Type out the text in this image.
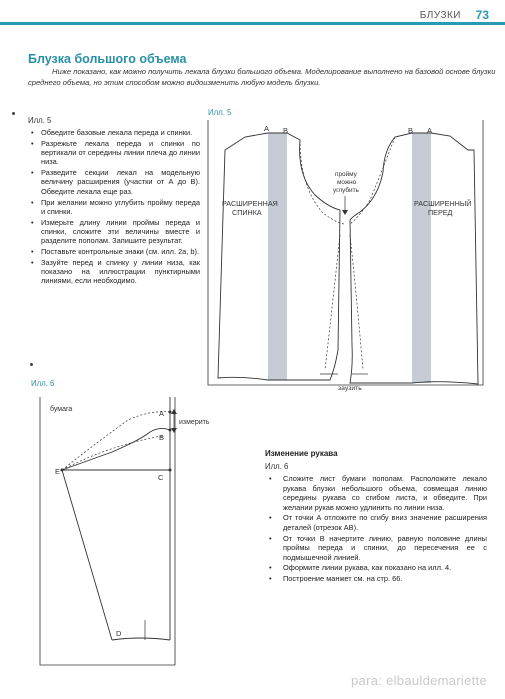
БЛУЗКИ 73
Блузка большого объема

Ниже показано, как можно получить лекала блузки большого объема. Моделирование выполнено на базовой основе блузки среднего объема, но этим способом можно видоизменить любую модель блузки.

Илл. 5
• Обведите базовые лекала переда и спинки.
• Разрежьте лекала переда и спинки по вертикали от середины линии плеча до линии низа.
• Разведите секции лекал на модельную величину расширения (участки от А до В). Обведите лекала еще раз.
• При желании можно углубить пройму переда и спинки.
• Измерьте длину линии проймы переда и спинки, сложите эти величины вместе и разделите пополам. Запишите результат.
• Поставьте контрольные знаки (см. илл. 2а, b).
• Зазуйте перед и спинку у линии низа, как показано на иллюстрации пунктирными линиями, если необходимо.
Илл. 5
А В	В А
РАСШИРЕННАЯ
СПИНКА
РАСШИРЕННЫЙ
ПЕРЕД
пройму
можно
углубить
заузить
Илл. 6
бумага
измерить
A
B
C
E
D
Изменение рукава
Илл. 6
• Сложите лист бумаги пополам. Расположите лекало рукава блузки небольшого объема, совмещая линию середины рукава со сгибом листа, и обведите. При желании рукав можно удлинить по линии низа.
• От точки А отложите по сгибу вниз значение расширения деталей (отрезок АВ).
• От точки В начертите линию, равную половине длины проймы переда и спинки, до пересечения ее с подмышечной линией.
• Оформите линии рукава, как показано на илл. 4.
• Построение манжет см. на стр. 66.
para: elbauldemariette
